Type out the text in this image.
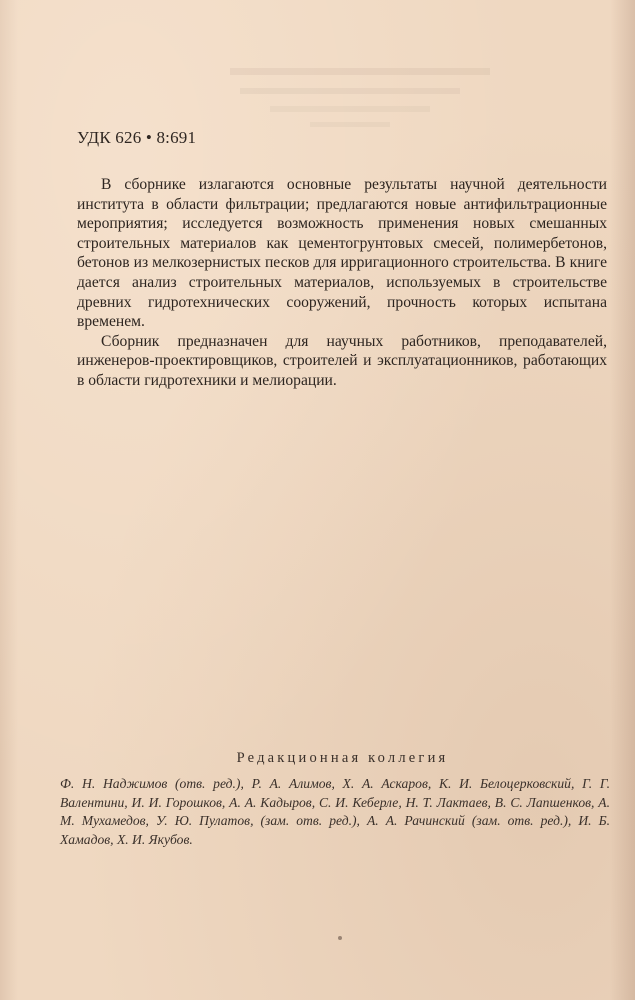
УДК 626 • 8:691

В сборнике излагаются основные результаты научной деятельности института в области фильтрации; предлагаются новые антифильтрационные мероприятия; исследуется возможность применения новых смешанных строительных материалов как цементогрунтовых смесей, полимербетонов, бетонов из мелкозернистых песков для ирригационного строительства. В книге дается анализ строительных материалов, используемых в строительстве древних гидротехнических сооружений, прочность которых испытана временем.

Сборник предназначен для научных работников, преподавателей, инженеров-проектировщиков, строителей и эксплуатационников, работающих в области гидротехники и мелиорации.

Редакционная коллегия

Ф. Н. Наджимов (отв. ред.), Р. А. Алимов, Х. А. Аскаров, К. И. Белоцерковский, Г. Г. Валентини, И. И. Горошков, А. А. Кадыров, С. И. Кеберле, Н. Т. Лактаев, В. С. Лапшенков, А. М. Мухамедов, У. Ю. Пулатов, (зам. отв. ред.), А. А. Рачинский (зам. отв. ред.), И. Б. Хамадов, Х. И. Якубов.
